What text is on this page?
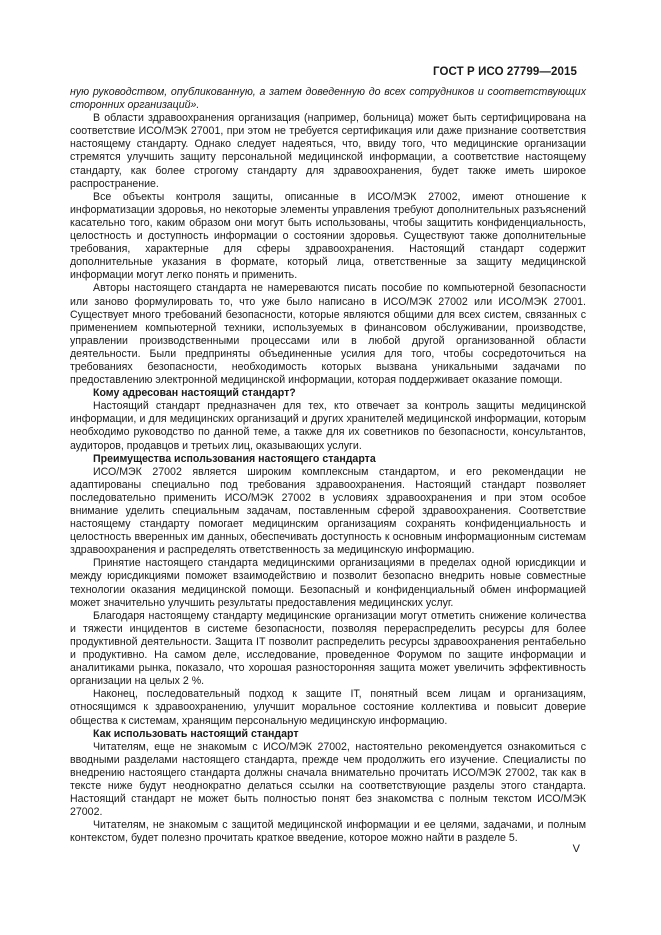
ГОСТ Р ИСО 27799—2015

ную руководством, опубликованную, а затем доведенную до всех сотрудников и соответствующих сторонних организаций».

В области здравоохранения организация (например, больница) может быть сертифицирована на соответствие ИСО/МЭК 27001, при этом не требуется сертификация или даже признание соответствия настоящему стандарту. Однако следует надеяться, что, ввиду того, что медицинские организации стремятся улучшить защиту персональной медицинской информации, а соответствие настоящему стандарту, как более строгому стандарту для здравоохранения, будет также иметь широкое распространение.

Все объекты контроля защиты, описанные в ИСО/МЭК 27002, имеют отношение к информатизации здоровья, но некоторые элементы управления требуют дополнительных разъяснений касательно того, каким образом они могут быть использованы, чтобы защитить конфиденциальность, целостность и доступность информации о состоянии здоровья. Существуют также дополнительные требования, характерные для сферы здравоохранения. Настоящий стандарт содержит дополнительные указания в формате, который лица, ответственные за защиту медицинской информации могут легко понять и применить.

Авторы настоящего стандарта не намереваются писать пособие по компьютерной безопасности или заново формулировать то, что уже было написано в ИСО/МЭК 27002 или ИСО/МЭК 27001. Существует много требований безопасности, которые являются общими для всех систем, связанных с применением компьютерной техники, используемых в финансовом обслуживании, производстве, управлении производственными процессами или в любой другой организованной области деятельности. Были предприняты объединенные усилия для того, чтобы сосредоточиться на требованиях безопасности, необходимость которых вызвана уникальными задачами по предоставлению электронной медицинской информации, которая поддерживает оказание помощи.

Кому адресован настоящий стандарт?

Настоящий стандарт предназначен для тех, кто отвечает за контроль защиты медицинской информации, и для медицинских организаций и других хранителей медицинской информации, которым необходимо руководство по данной теме, а также для их советников по безопасности, консультантов, аудиторов, продавцов и третьих лиц, оказывающих услуги.

Преимущества использования настоящего стандарта

ИСО/МЭК 27002 является широким комплексным стандартом, и его рекомендации не адаптированы специально под требования здравоохранения. Настоящий стандарт позволяет последовательно применить ИСО/МЭК 27002 в условиях здравоохранения и при этом особое внимание уделить специальным задачам, поставленным сферой здравоохранения. Соответствие настоящему стандарту помогает медицинским организациям сохранять конфиденциальность и целостность вверенных им данных, обеспечивать доступность к основным информационным системам здравоохранения и распределять ответственность за медицинскую информацию.

Принятие настоящего стандарта медицинскими организациями в пределах одной юрисдикции и между юрисдикциями поможет взаимодействию и позволит безопасно внедрить новые совместные технологии оказания медицинской помощи. Безопасный и конфиденциальный обмен информацией может значительно улучшить результаты предоставления медицинских услуг.

Благодаря настоящему стандарту медицинские организации могут отметить снижение количества и тяжести инцидентов в системе безопасности, позволяя перераспределить ресурсы для более продуктивной деятельности. Защита IT позволит распределить ресурсы здравоохранения рентабельно и продуктивно. На самом деле, исследование, проведенное Форумом по защите информации и аналитиками рынка, показало, что хорошая разносторонняя защита может увеличить эффективность организации на целых 2 %.

Наконец, последовательный подход к защите IT, понятный всем лицам и организациям, относящимся к здравоохранению, улучшит моральное состояние коллектива и повысит доверие общества к системам, хранящим персональную медицинскую информацию.

Как использовать настоящий стандарт

Читателям, еще не знакомым с ИСО/МЭК 27002, настоятельно рекомендуется ознакомиться с вводными разделами настоящего стандарта, прежде чем продолжить его изучение. Специалисты по внедрению настоящего стандарта должны сначала внимательно прочитать ИСО/МЭК 27002, так как в тексте ниже будут неоднократно делаться ссылки на соответствующие разделы этого стандарта. Настоящий стандарт не может быть полностью понят без знакомства с полным текстом ИСО/МЭК 27002.

Читателям, не знакомым с защитой медицинской информации и ее целями, задачами, и полным контекстом, будет полезно прочитать краткое введение, которое можно найти в разделе 5.

V
